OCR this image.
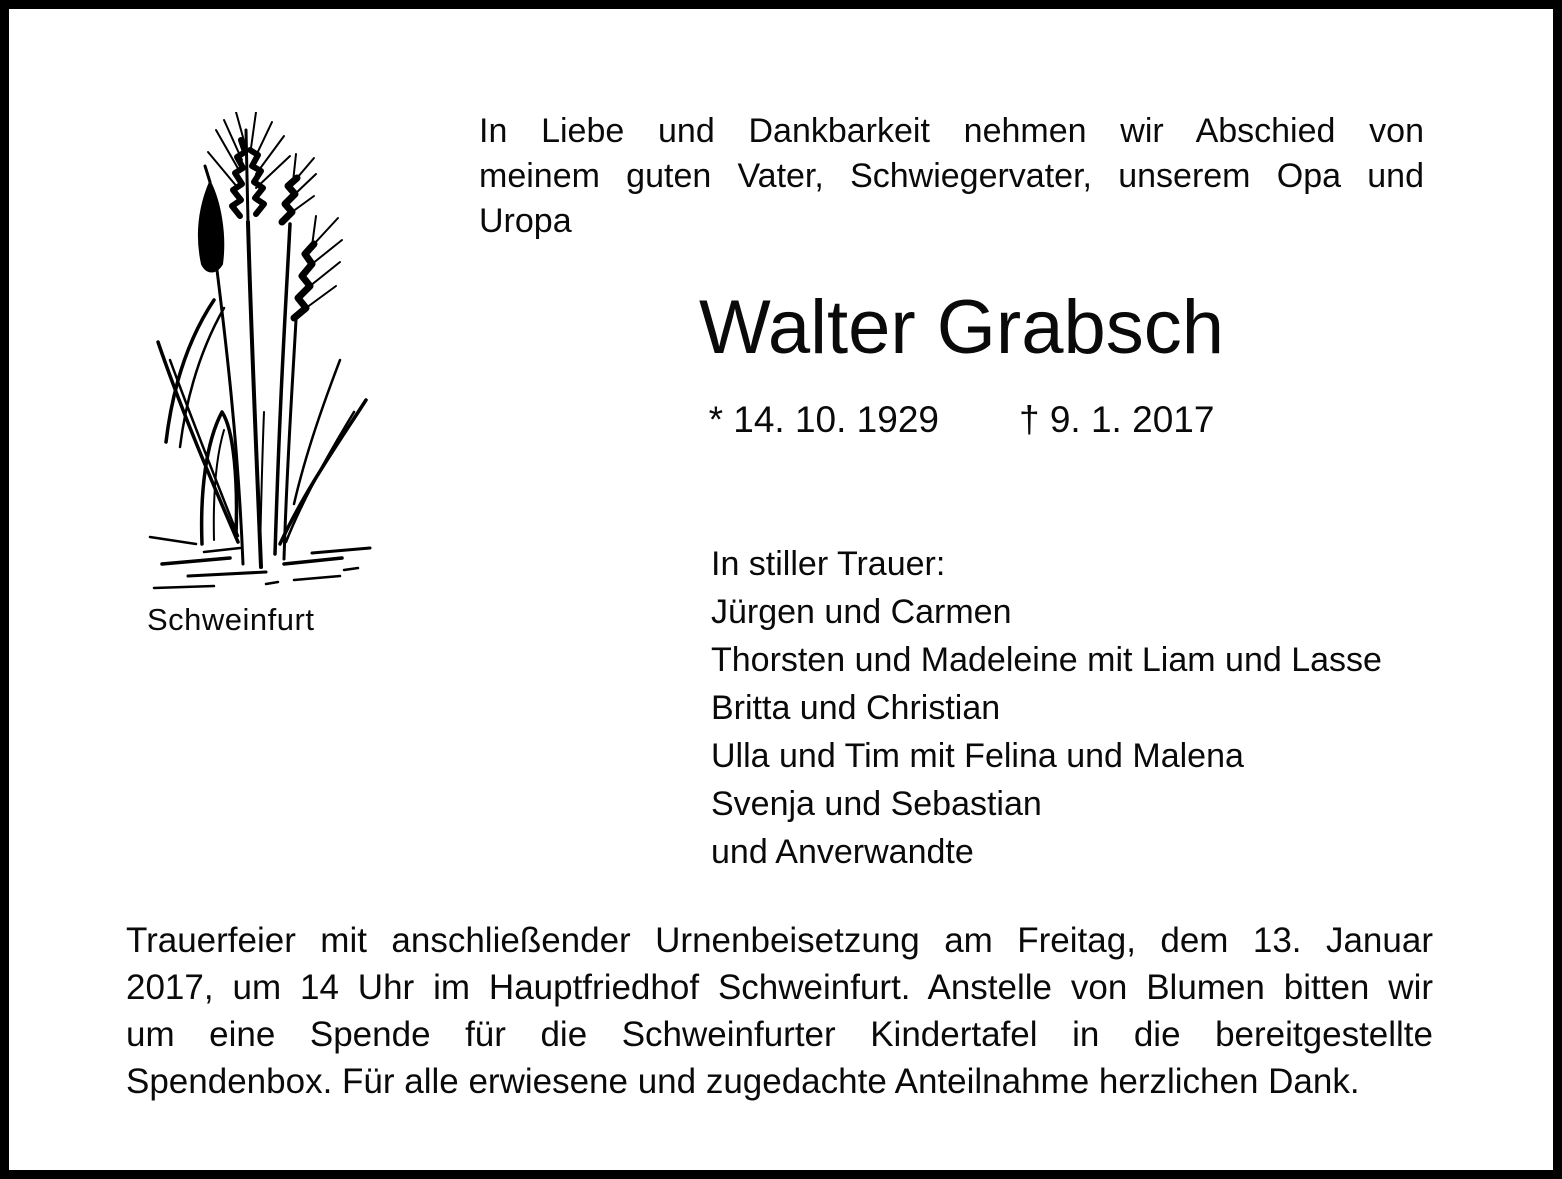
Schweinfurt
In Liebe und Dankbarkeit nehmen wir Abschied von
meinem guten Vater, Schwiegervater, unserem Opa und
Uropa
Walter Grabsch
* 14. 10. 1929 † 9. 1. 2017
In stiller Trauer:
Jürgen und Carmen
Thorsten und Madeleine mit Liam und Lasse
Britta und Christian
Ulla und Tim mit Felina und Malena
Svenja und Sebastian
und Anverwandte
Trauerfeier mit anschließender Urnenbeisetzung am Freitag, dem 13. Januar
2017, um 14 Uhr im Hauptfriedhof Schweinfurt. Anstelle von Blumen bitten wir
um eine Spende für die Schweinfurter Kindertafel in die bereitgestellte
Spendenbox. Für alle erwiesene und zugedachte Anteilnahme herzlichen Dank.
